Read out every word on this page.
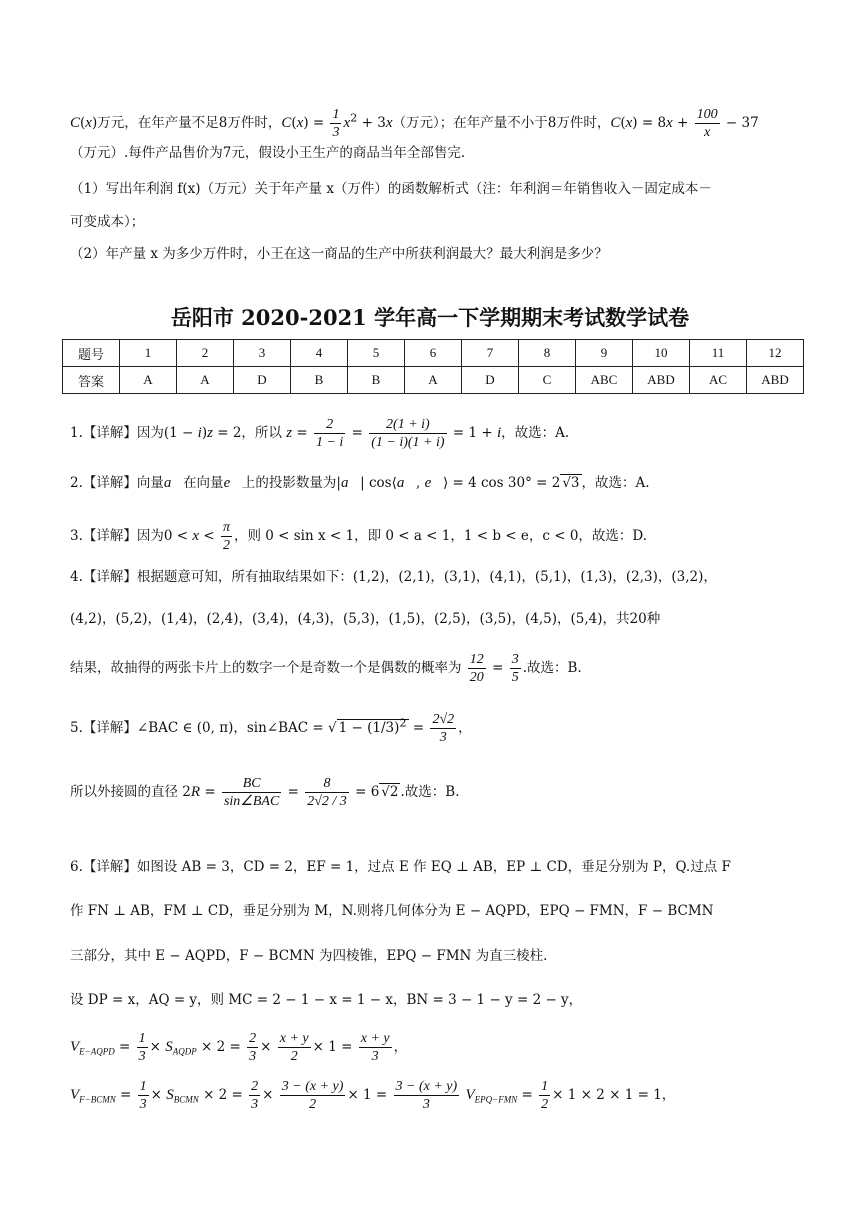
C(x)万元，在年产量不足8万件时，$C(x) = \frac{1}{3} x^2 + 3x$（万元）；在年产量不小于8万件时，$C(x) = 8x + \frac{100}{x} - 37$
（万元）.每件产品售价为7元，假设小王生产的商品当年全部售完.
（1）写出年利润 f(x)（万元）关于年产量 x（万件）的函数解析式（注：年利润＝年销售收入－固定成本－
可变成本）；
（2）年产量 x 为多少万件时，小王在这一商品的生产中所获利润最大？最大利润是多少？
岳阳市 2020-2021 学年高一下学期期末考试数学试卷
题号	1	2	3	4	5	6	7	8	9	10	11	12
答案	A	A	D	B	B	A	D	C	ABC	ABD	AC	ABD
1.【详解】因为(1 − i)z = 2，所以 $z = \frac{2}{1 - i} = \frac{2(1 + i)}{(1 - i)(1 + i)} = 1 + i$，故选：A.
2.【详解】向量a⃗在向量e⃗上的投影数量为|a⃗| cos⟨a⃗, e⃗⟩ = 4 cos 30° = 2 √3 ，故选：A.
3.【详解】因为$0 < x < \frac{\pi}{2}$ ，则 0 < sin x < 1，即 0 < a < 1，1 < b < e，c < 0，故选：D.
4.【详解】根据题意可知，所有抽取结果如下：(1,2)，(2,1)，(3,1)，(4,1)，(5,1)，(1,3)，(2,3)，(3,2)，
(4,2)，(5,2)，(1,4)，(2,4)，(3,4)，(4,3)，(5,3)，(1,5)，(2,5)，(3,5)，(4,5)，(5,4)，共20种
结果，故抽得的两张卡片上的数字一个是奇数一个是偶数的概率为 $\frac{12}{20} = \frac{3}{5}$ .故选：B.
5.【详解】∠BAC ∈ (0, π)，sin∠BAC = √ $1 - (1/3)^2 = \frac{2√2}{3}$ ，
所以外接圆的直径 $2R = \frac{BC}{\text{sin∠BAC}} = \frac{8}{2√2 / 3} = 6$ √2 .故选：B.
6.【详解】如图设 AB = 3，CD = 2，EF = 1，过点 E 作 EQ ⊥ AB，EP ⊥ CD，垂足分别为 P，Q.过点 F
作 FN ⊥ AB，FM ⊥ CD，垂足分别为 M，N.则将几何体分为 E − AQPD，EPQ − FMN，F − BCMN
三部分，其中 E − AQPD，F − BCMN 为四棱锥，EPQ − FMN 为直三棱柱.
设 DP = x，AQ = y，则 MC = 2 − 1 − x = 1 − x，BN = 3 − 1 − y = 2 − y，
$V_{E-AQPD} = \frac{1}{3} \times S_{AQDP} \times 2 = \frac{2}{3} \times \frac{x + y}{2} \times 1 = \frac{x + y}{3}$ ，
$V_{F-BCMN} = \frac{1}{3} \times S_{BCMN} \times 2 = \frac{2}{3} \times \frac{3 - (x + y)}{2} \times 1 = \frac{3 - (x + y)}{3} V_{EPQ-FMN} = \frac{1}{2} \times 1 \times 2 \times 1 = 1$，
